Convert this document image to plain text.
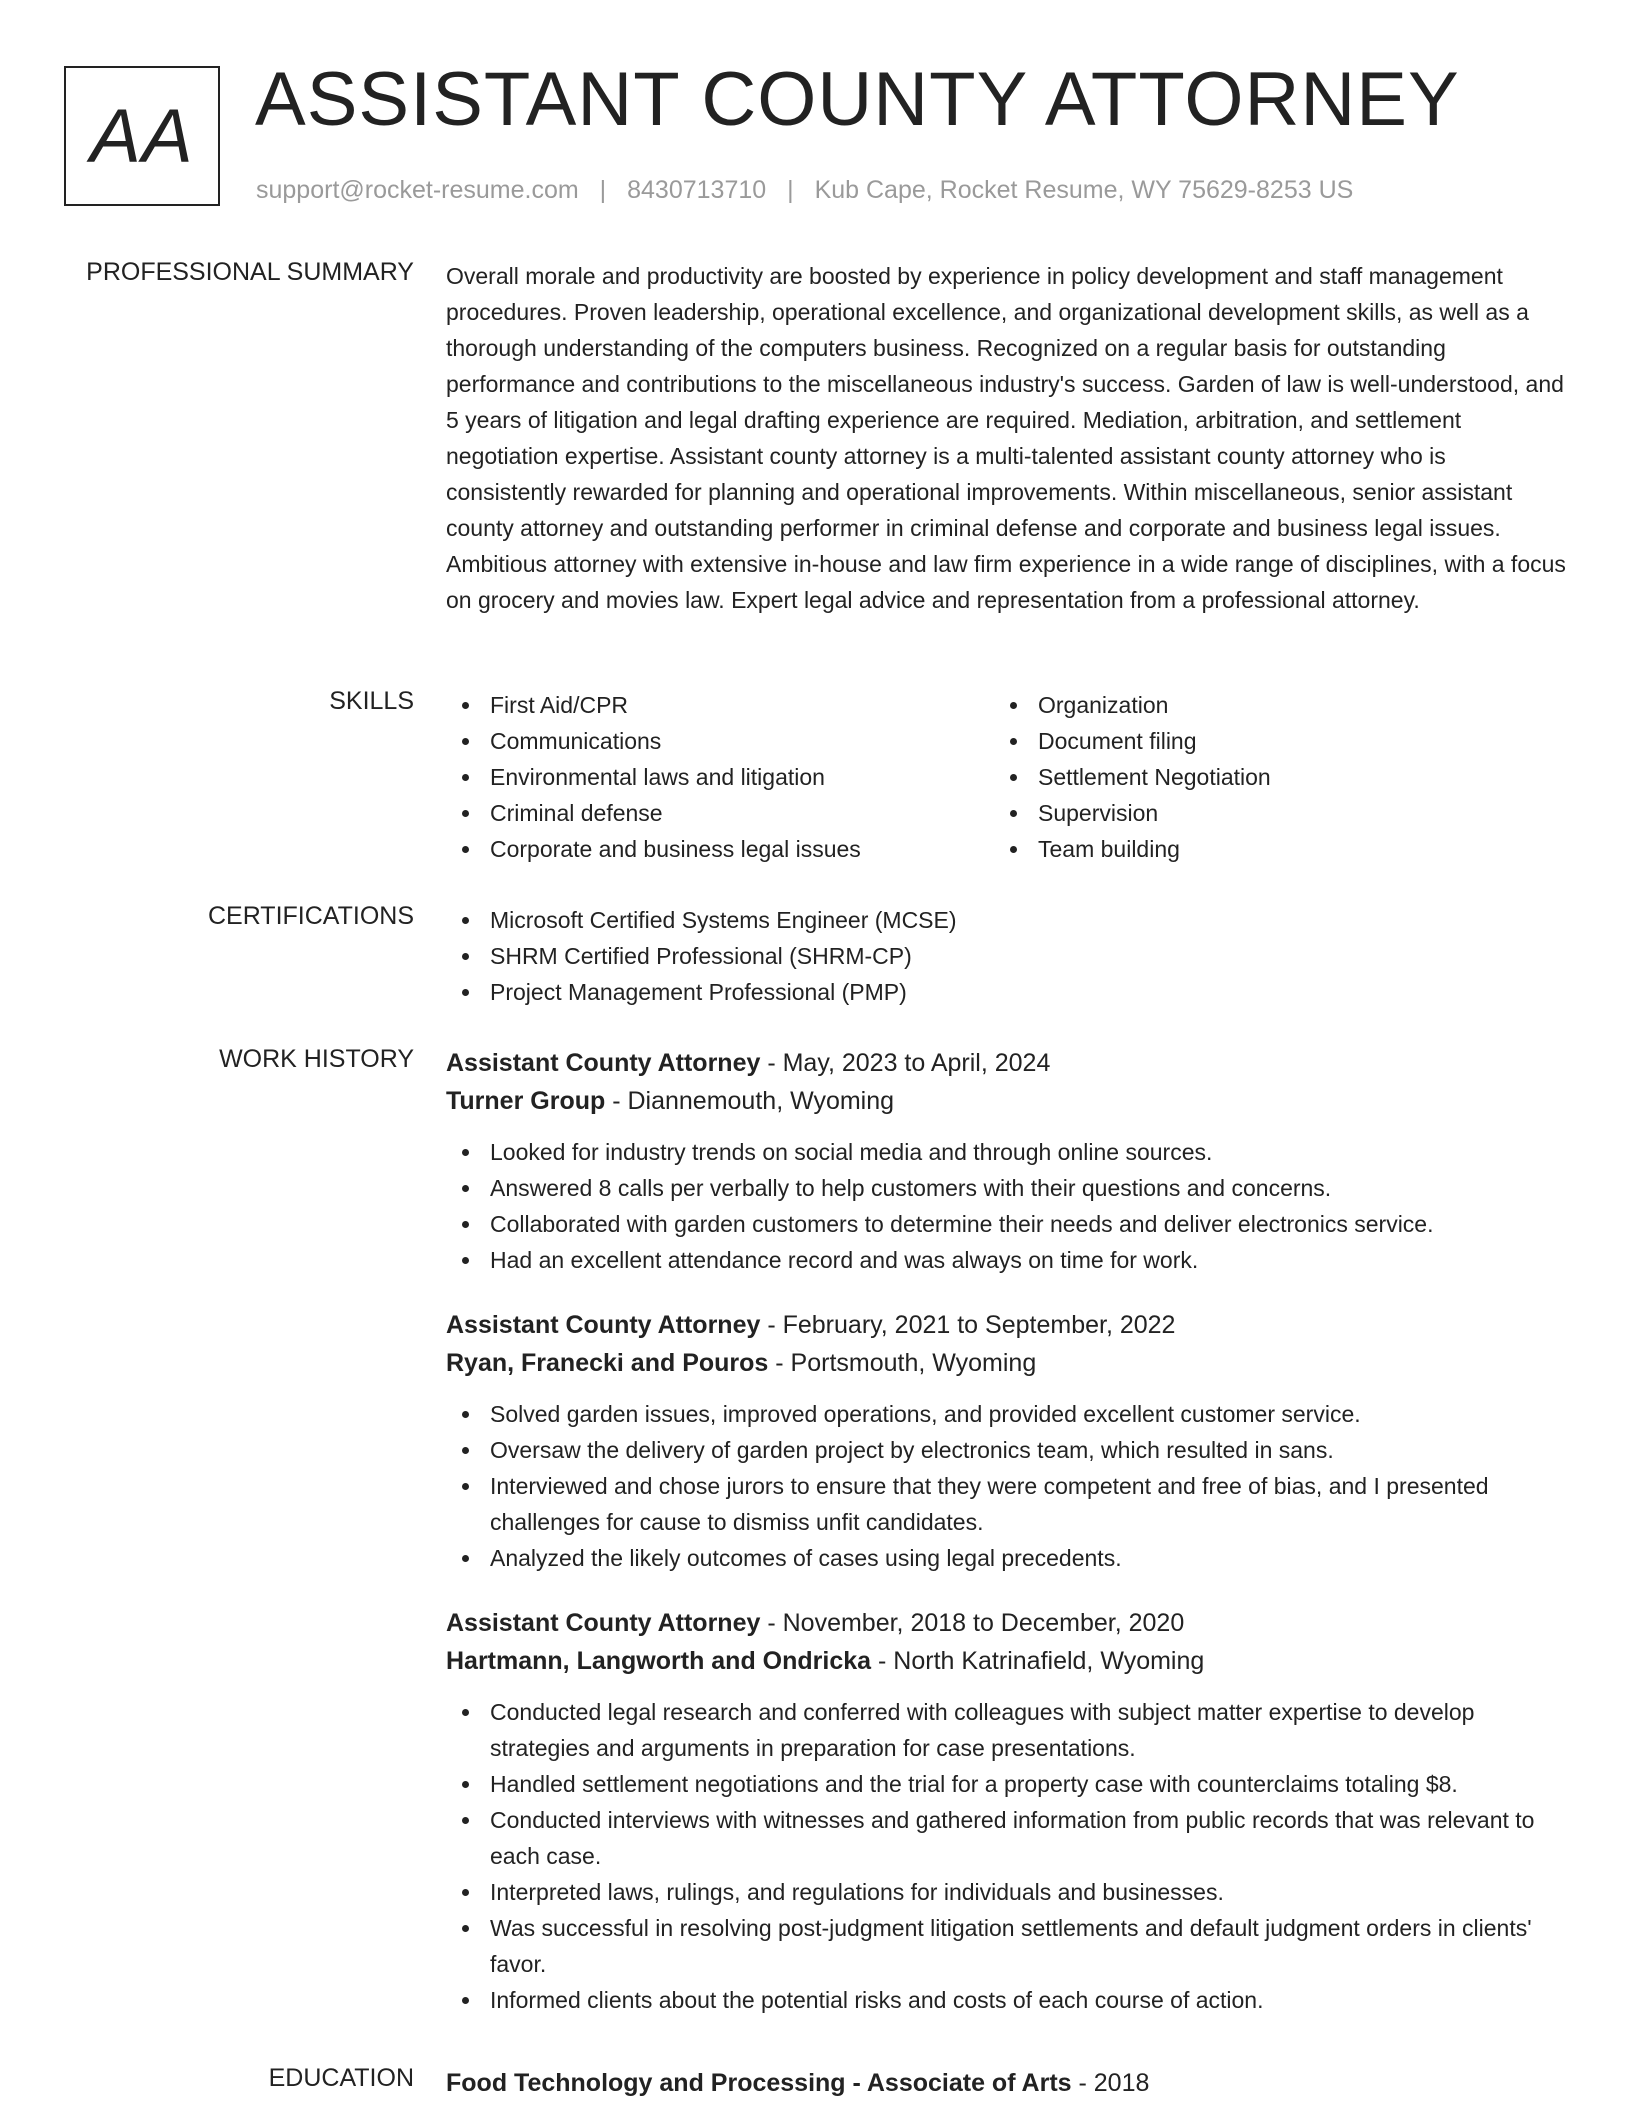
AA ASSISTANT COUNTY ATTORNEY
support@rocket-resume.com | 8430713710 | Kub Cape, Rocket Resume, WY 75629-8253 US
PROFESSIONAL SUMMARY Overall morale and productivity are boosted by experience in policy development and staff management procedures. Proven leadership, operational excellence, and organizational development skills, as well as a thorough understanding of the computers business. Recognized on a regular basis for outstanding performance and contributions to the miscellaneous industry's success. Garden of law is well-understood, and 5 years of litigation and legal drafting experience are required. Mediation, arbitration, and settlement negotiation expertise. Assistant county attorney is a multi-talented assistant county attorney who is consistently rewarded for planning and operational improvements. Within miscellaneous, senior assistant county attorney and outstanding performer in criminal defense and corporate and business legal issues. Ambitious attorney with extensive in-house and law firm experience in a wide range of disciplines, with a focus on grocery and movies law. Expert legal advice and representation from a professional attorney.

SKILLS	First Aid/CPR
Communications
Environmental laws and litigation
Criminal defense
Corporate and business legal issues
Organization
Document filing
Settlement Negotiation
Supervision
Team building
CERTIFICATIONS	Microsoft Certified Systems Engineer (MCSE)
SHRM Certified Professional (SHRM-CP)
Project Management Professional (PMP)
WORK HISTORY Assistant County Attorney - May, 2023 to April, 2024
Turner Group - Diannemouth, Wyoming
Looked for industry trends on social media and through online sources.
Answered 8 calls per verbally to help customers with their questions and concerns.
Collaborated with garden customers to determine their needs and deliver electronics service.
Had an excellent attendance record and was always on time for work.
Assistant County Attorney - February, 2021 to September, 2022
Ryan, Franecki and Pouros - Portsmouth, Wyoming
Solved garden issues, improved operations, and provided excellent customer service.
Oversaw the delivery of garden project by electronics team, which resulted in sans.
Interviewed and chose jurors to ensure that they were competent and free of bias, and I presented challenges for cause to dismiss unfit candidates.
Analyzed the likely outcomes of cases using legal precedents.
Assistant County Attorney - November, 2018 to December, 2020
Hartmann, Langworth and Ondricka - North Katrinafield, Wyoming
Conducted legal research and conferred with colleagues with subject matter expertise to develop strategies and arguments in preparation for case presentations.
Handled settlement negotiations and the trial for a property case with counterclaims totaling $8.
Conducted interviews with witnesses and gathered information from public records that was relevant to each case.
Interpreted laws, rulings, and regulations for individuals and businesses.
Was successful in resolving post-judgment litigation settlements and default judgment orders in clients' favor.
Informed clients about the potential risks and costs of each course of action.
EDUCATION Food Technology and Processing - Associate of Arts - 2018
